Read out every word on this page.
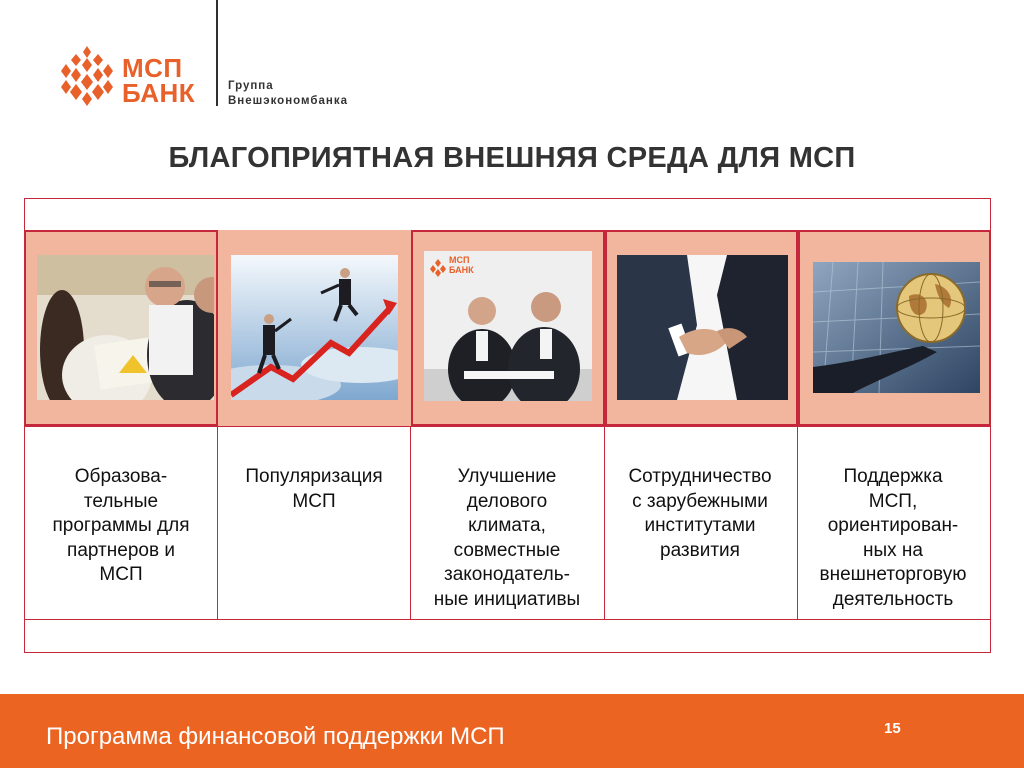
МСП
БАНК	Группа
Внешэкономбанка
БЛАГОПРИЯТНАЯ ВНЕШНЯЯ СРЕДА ДЛЯ МСП
МСП
БАНК
Образова-
тельные
программы для
партнеров и
МСП
Популяризация
МСП
Улучшение
делового
климата,
совместные
законодатель-
ные инициативы
Сотрудничество
с зарубежными
институтами
развития
Поддержка
МСП,
ориентирован-
ных на
внешнеторговую
деятельность
Программа финансовой поддержки МСП	15
